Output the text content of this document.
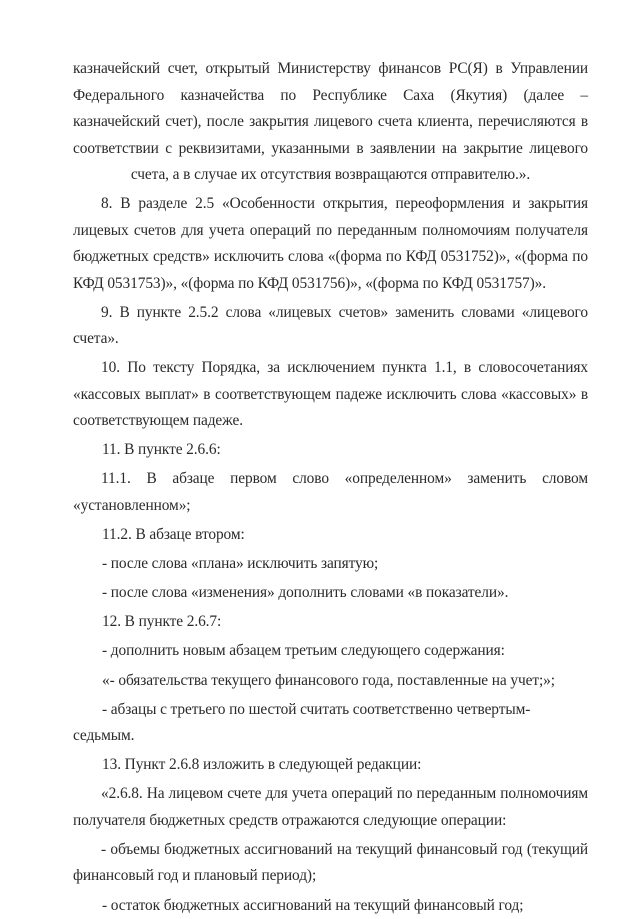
казначейский счет, открытый Министерству финансов РС(Я) в Управлении Федерального казначейства по Республике Саха (Якутия) (далее – казначейский счет), после закрытия лицевого счета клиента, перечисляются в соответствии с реквизитами, указанными в заявлении на закрытие лицевого счета, а в случае их отсутствия возвращаются отправителю.».

8. В разделе 2.5 «Особенности открытия, переоформления и закрытия лицевых счетов для учета операций по переданным полномочиям получателя бюджетных средств» исключить слова «(форма по КФД 0531752)», «(форма по КФД 0531753)», «(форма по КФД 0531756)», «(форма по КФД 0531757)».

9. В пункте 2.5.2 слова «лицевых счетов» заменить словами «лицевого счета».

10. По тексту Порядка, за исключением пункта 1.1, в словосочетаниях «кассовых выплат» в соответствующем падеже исключить слова «кассовых» в соответствующем падеже.

11. В пункте 2.6.6:

11.1. В абзаце первом слово «определенном» заменить словом «установленном»;

11.2. В абзаце втором:

- после слова «плана» исключить запятую;

- после слова «изменения» дополнить словами «в показатели».

12. В пункте 2.6.7:

- дополнить новым абзацем третьим следующего содержания:

«- обязательства текущего финансового года, поставленные на учет;»;

- абзацы с третьего по шестой считать соответственно четвертым-седьмым.

13. Пункт 2.6.8 изложить в следующей редакции:

«2.6.8. На лицевом счете для учета операций по переданным полномочиям получателя бюджетных средств отражаются следующие операции:

- объемы бюджетных ассигнований на текущий финансовый год (текущий финансовый год и плановый период);

- остаток бюджетных ассигнований на текущий финансовый год;
